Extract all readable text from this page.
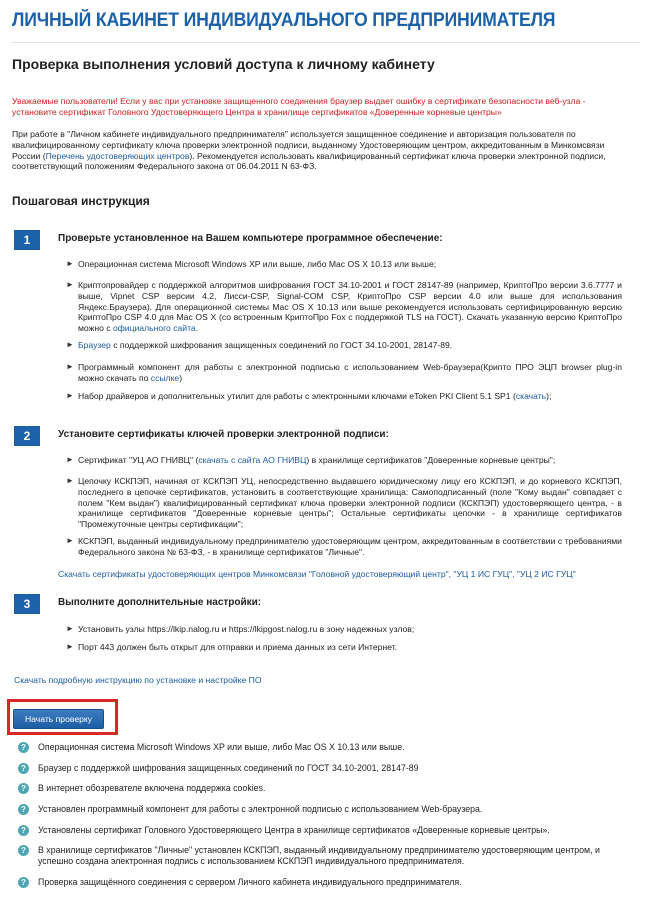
ЛИЧНЫЙ КАБИНЕТ ИНДИВИДУАЛЬНОГО ПРЕДПРИНИМАТЕЛЯ
Проверка выполнения условий доступа к личному кабинету

Уважаемые пользователи! Если у вас при установке защищенного соединения браузер выдает ошибку в сертификате безопасности веб-узла - установите сертификат Головного Удостоверяющего Центра в хранилище сертификатов «Доверенные корневые центры»

При работе в "Личном кабинете индивидуального предпринимателя" используется защищенное соединение и авторизация пользователя по квалифицированному сертификату ключа проверки электронной подписи, выданному Удостоверяющим центром, аккредитованным в Минкомсвязи России (Перечень удостоверяющих центров). Рекомендуется использовать квалифицированный сертификат ключа проверки электронной подписи, соответствующий положениям Федерального закона от 06.04.2011 N 63-ФЗ.

Пошаговая инструкция
1	Проверьте установленное на Вашем компьютере программное обеспечение:
► Операционная система Microsoft Windows XP или выше, либо Mac OS X 10.13 или выше;
► Криптопровайдер с поддержкой алгоритмов шифрования ГОСТ 34.10-2001 и ГОСТ 28147-89 (например, КриптоПро версии 3.6.7777 и выше, Vipnet CSP версии 4.2, Лисси-CSP, Signal-COM CSP, КриптоПро CSP версии 4.0 или выше для использования Яндекс.Браузера). Для операционной системы Mac OS X 10.13 или выше рекомендуется использовать сертифицированную версию КриптоПро CSP 4.0 для Mac OS X (со встроенным КриптоПро Fox с поддержкой TLS на ГОСТ). Скачать указанную версию КриптоПро можно с официального сайта.
► Браузер с поддержкой шифрования защищенных соединений по ГОСТ 34.10-2001, 28147-89.
► Программный компонент для работы с электронной подписью с использованием Web-браузера(Крипто ПРО ЭЦП browser plug-in можно скачать по ссылке)
► Набор драйверов и дополнительных утилит для работы с электронными ключами eToken PKI Client 5.1 SP1 (скачать);
2	Установите сертификаты ключей проверки электронной подписи:
► Сертификат "УЦ АО ГНИВЦ" (скачать с сайта АО ГНИВЦ) в хранилище сертификатов "Доверенные корневые центры";
► Цепочку КСКПЭП, начиная от КСКПЭП УЦ, непосредственно выдавшего юридическому лицу его КСКПЭП, и до корневого КСКПЭП, последнего в цепочке сертификатов, установить в соответствующие хранилища: Самоподписанный (поле "Кому выдан" совпадает с полем "Кем выдан") квалифицированный сертификат ключа проверки электронной подписи (КСКПЭП) удостоверяющего центра, - в хранилище сертификатов "Доверенные корневые центры"; Остальные сертификаты цепочки - в хранилище сертификатов "Промежуточные центры сертификации";
► КСКПЭП, выданный индивидуальному предпринимателю удостоверяющим центром, аккредитованным в соответствии с требованиями Федерального закона № 63-ФЗ, - в хранилище сертификатов "Личные".
Скачать сертификаты удостоверяющих центров Минкомсвязи "Головной удостоверяющий центр", "УЦ 1 ИС ГУЦ", "УЦ 2 ИС ГУЦ"
3	Выполните дополнительные настройки:
► Установить узлы https://lkip.nalog.ru и https://lkipgost.nalog.ru в зону надежных узлов;
► Порт 443 должен быть открыт для отправки и приема данных из сети Интернет.
Скачать подробную инструкцию по установке и настройке ПО
Начать проверку
?	Операционная система Microsoft Windows XP или выше, либо Mac OS X 10.13 или выше.
?	Браузер с поддержкой шифрования защищенных соединений по ГОСТ 34.10-2001, 28147-89
?	В интернет обозревателе включена поддержка cookies.
?	Установлен программный компонент для работы с электронной подписью с использованием Web-браузера.
?	Установлены сертификат Головного Удостоверяющего Центра в хранилище сертификатов «Доверенные корневые центры».
?	В хранилище сертификатов "Личные" установлен КСКПЭП, выданный индивидуальному предпринимателю удостоверяющим центром, и успешно создана электронная подпись с использованием КСКПЭП индивидуального предпринимателя.
?	Проверка защищённого соединения с сервером Личного кабинета индивидуального предпринимателя.
